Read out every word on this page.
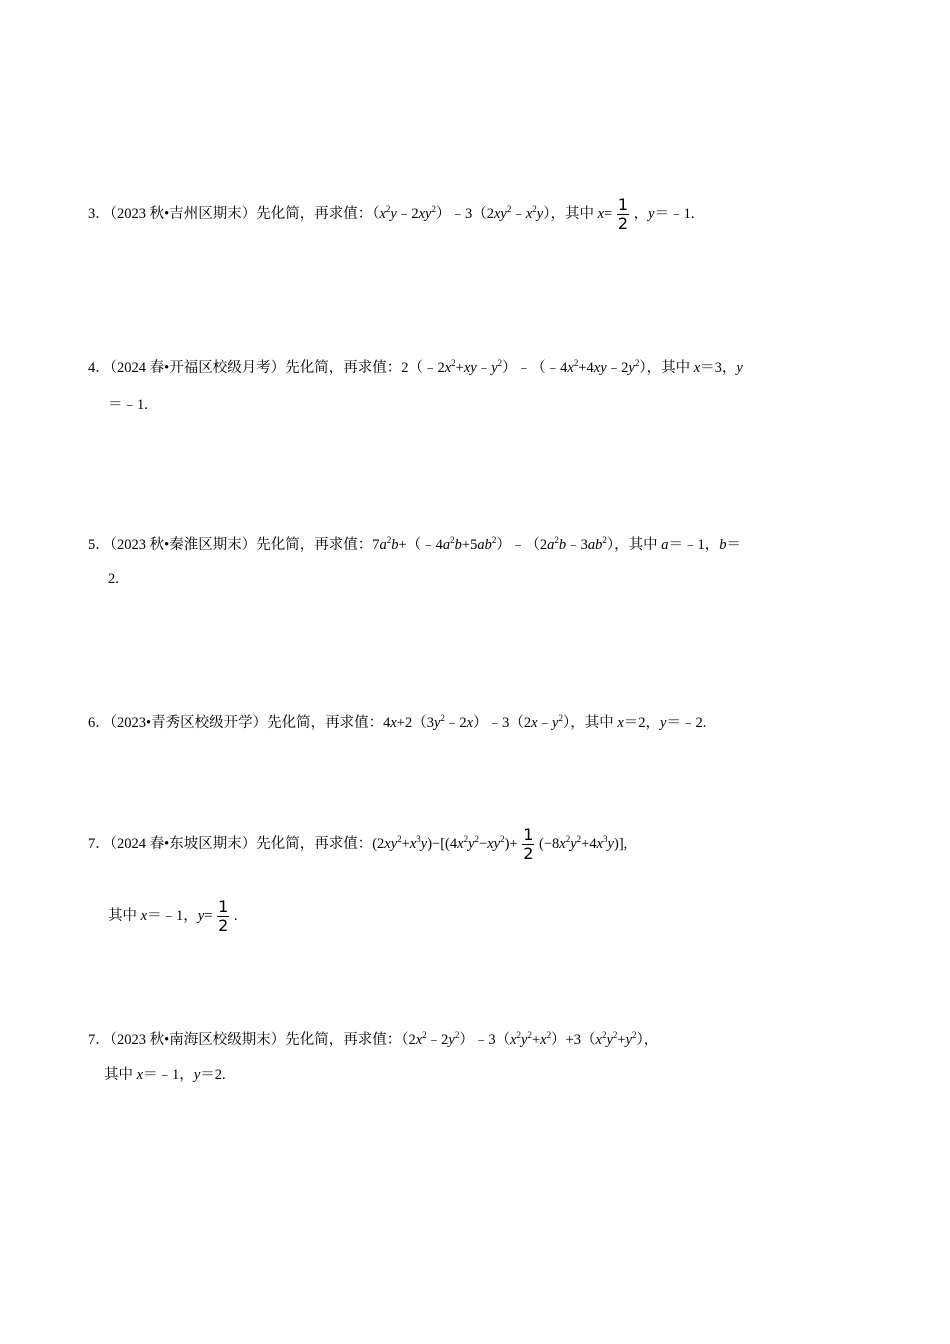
3．（2023 秋•吉州区期末）先化简，再求值：$(x^2y﹣2xy^2)﹣3(2xy^2﹣x^2y)$，其中 $x= \frac{1}{2}$ ，y＝﹣1.
4．（2024 春•开福区校级月考）先化简，再求值：$2(﹣2x^2+xy﹣y^2)﹣(﹣4x^2+4xy﹣2y^2)$，其中 x＝3，y
＝﹣1.
5．（2023 秋•秦淮区期末）先化简，再求值：$7a^2b+(﹣4a^2b+5ab^2)﹣(2a^2b﹣3ab^2)$，其中 a＝﹣1，b＝
2.
6．（2023•青秀区校级开学）先化简，再求值：$4x+2(3y^2﹣2x)﹣3(2x﹣y^2)$，其中 x＝2，y＝﹣2.
7．（2024 春•东坡区期末）先化简，再求值：$(2xy^2+x^3y)-[(4x^2y^2-xy^2)+ \frac{1}{2} (-8x^2y^2+4x^3y)]$,
其中 x＝﹣1，$y= \frac{1}{2}$ .
7．（2023 秋•南海区校级期末）先化简，再求值：$(2x^2﹣2y^2)﹣3(x^2y^2+x^2)+3(x^2y^2+y^2)$，
其中 x＝﹣1，y＝2.
